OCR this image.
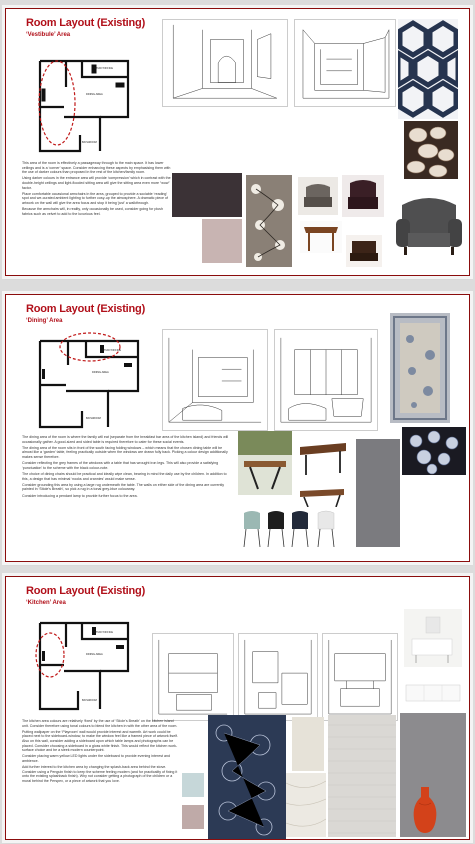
Room Layout (Existing)
‘Vestibule’ Area
STUDY/OFFICE
DINING AREA
BATHROOM

This area of the room is effectively a passageway through to the main space. It has lower ceilings and is a ‘corner’ space. Consider enhancing these aspects by emphasising them with the use of darker colours than proposed in the rest of the kitchen/family room.

Using darker colours in the entrance area will provide ‘compression’ which in contrast with the double-height ceilings and light-flooded sitting area will give the sitting area even more “wow” factor.

Place comfortable occasional armchairs in the area, grouped to provide a sociable ‘reading’ spot and we-curated ambient lighting to further cosy-up the atmosphere. A dramatic piece of artwork on the wall will give the area focus and stop it being ‘just’ a walkthrough.

Because the armchairs will, in reality, only occasionally be used, consider going for plush fabrics such as velvet to add to the luxurious feel.

Room Layout (Existing)
‘Dining’ Area
STUDY/OFFICE
DINING AREA
BATHROOM

The dining area of the room is where the family will eat (separate from the breakfast bar area of the kitchen island) and friends will occasionally gather. A good-sized and sided table is required therefore to cater for these social events.

The dining area of the room sits in front of the south facing folding windows – which means that the chosen dining table will be almost like a ‘garden’ table, feeling practically outside when the windows are drawn fully back. Picking a colour design additionally makes sense therefore.

Consider reflecting the grey frames of the windows with a table that has wrought iron legs. This will also provide a satisfying ‘punctuation’ to the scheme with the black colour-note.

The choice of dining chairs should be practical and ideally wipe clean, bearing in mind the daily use by the children. In addition to this, a design that has minimal ‘nooks and crannies’ would make sense.

Consider grounding this area by using a large rug underneath the table. The walls on either side of the dining area are currently painted in ‘Stiole’s Breath’, so pick a rug in a tonal grey-blue colourway.

Consider introducing a pendant lamp to provide further focus to the area.

Room Layout (Existing)
‘Kitchen’ Area
STUDY/OFFICE
DINING AREA
BATHROOM

The kitchen area colours are relatively ‘fixed’ by the use of ‘Stiole’s Breath’ on the kitchen island unit. Consider therefore using tonal colours to blend the kitchen in with the other area of the room.

Putting wallpaper on the ‘Playroom’ wall would provide interest and warmth. Art work could be placed next to the sideboard-window, to make the window feel like a framed piece of artwork itself. Also on this wall, consider adding a sideboard upon which table lamps and photographs can be placed. Consider choosing a sideboard in a gloss white finish. This would reflect the kitchen work-surface choice and be a sleek modern counterpoint.

Consider placing warm yellow LED lights under the sideboard to provide evening interest and ambience.

Add further interest to the kitchen area by changing the splash-back area behind the stove. Consider using a Penguin finish to keep the scheme feeling modern (and for practicality of fixing it onto the existing splashback finish). Why not consider getting a photograph of the children or a mural behind the Perspex, or a piece of artwork that you love.
